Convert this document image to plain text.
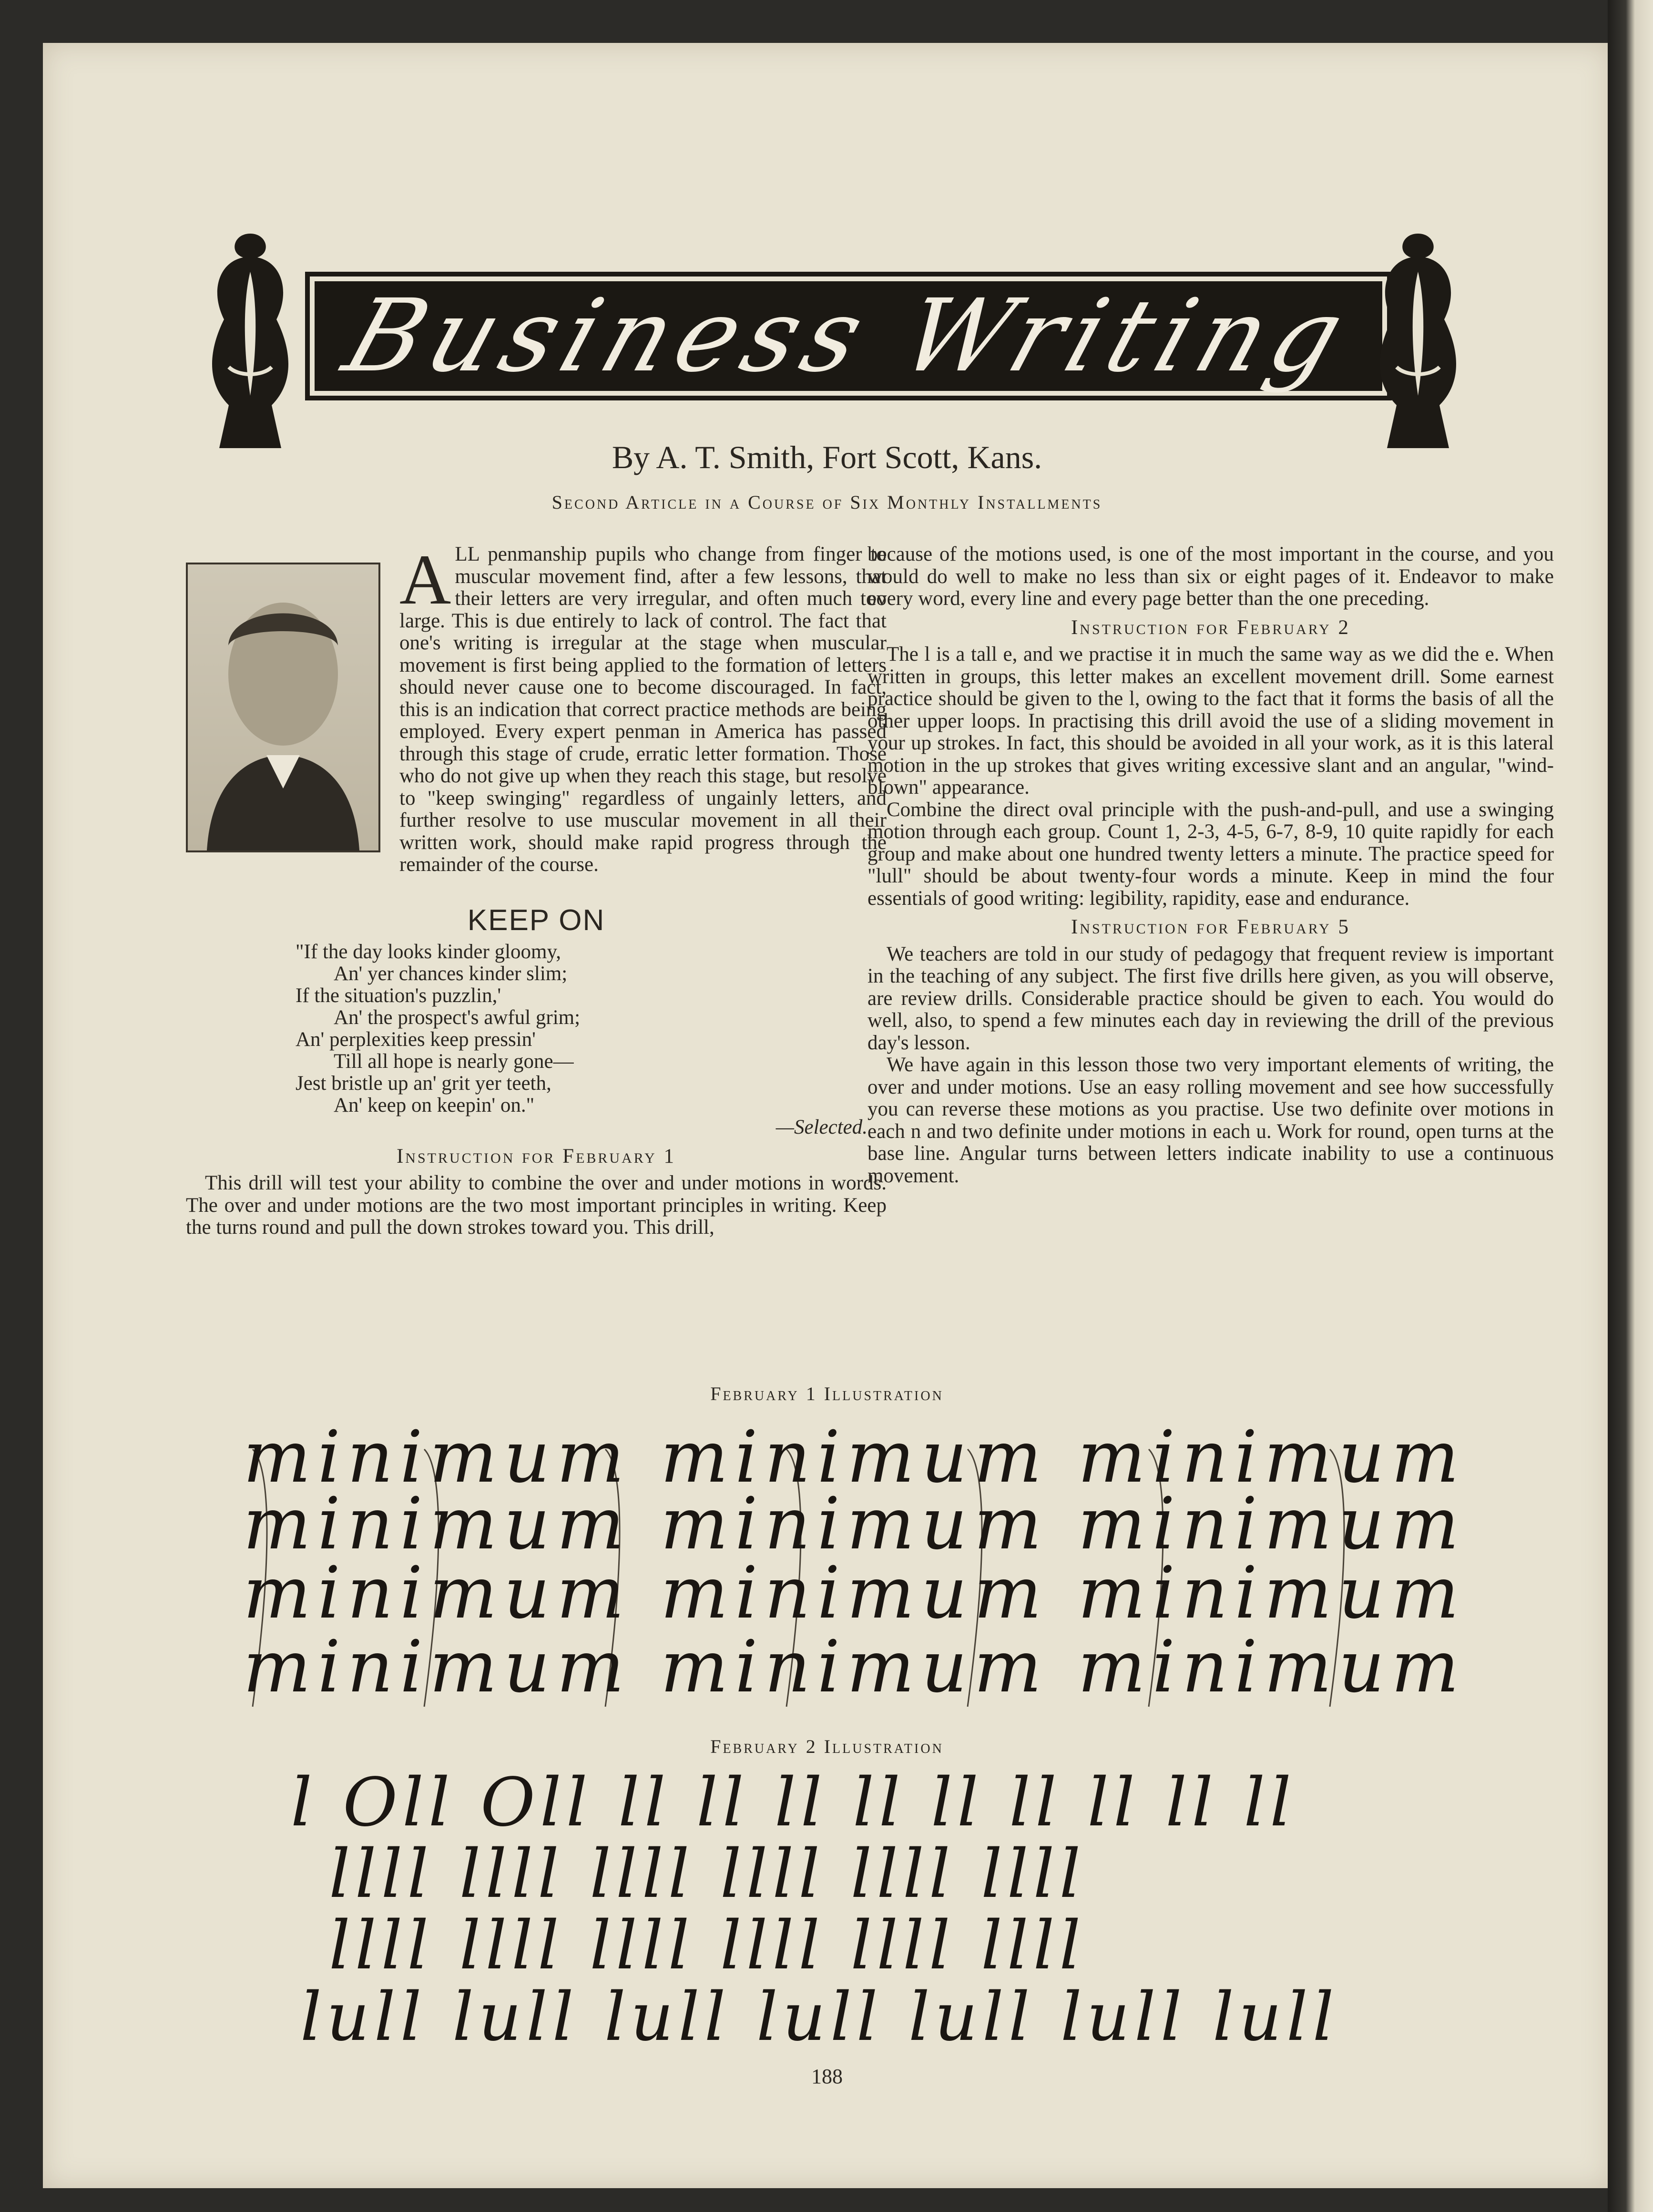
Business Writing
By A. T. Smith, Fort Scott, Kans.
Second Article in a Course of Six Monthly Installments
A LL penmanship pupils who change from finger to muscular movement find, after a few lessons, that their letters are very irregular, and often much too large. This is due entirely to lack of control. The fact that one's writing is irregular at the stage when muscular movement is first being applied to the formation of letters should never cause one to become discouraged. In fact, this is an indication that correct practice methods are being employed. Every expert penman in America has passed through this stage of crude, erratic letter formation. Those who do not give up when they reach this stage, but resolve to "keep swinging" regardless of ungainly letters, and further resolve to use muscular movement in all their written work, should make rapid progress through the remainder of the course.

KEEP ON
"If the day looks kinder gloomy,
An' yer chances kinder slim;
If the situation's puzzlin,'
An' the prospect's awful grim;
An' perplexities keep pressin'
Till all hope is nearly gone—
Jest bristle up an' grit yer teeth,
An' keep on keepin' on."
—Selected.
Instruction for February 1

This drill will test your ability to combine the over and under motions in words. The over and under motions are the two most important principles in writing. Keep the turns round and pull the down strokes toward you. This drill,

because of the motions used, is one of the most important in the course, and you would do well to make no less than six or eight pages of it. Endeavor to make every word, every line and every page better than the one preceding.

Instruction for February 2

The l is a tall e, and we practise it in much the same way as we did the e. When written in groups, this letter makes an excellent movement drill. Some earnest practice should be given to the l, owing to the fact that it forms the basis of all the other upper loops. In practising this drill avoid the use of a sliding movement in your up strokes. In fact, this should be avoided in all your work, as it is this lateral motion in the up strokes that gives writing excessive slant and an angular, "wind-blown" appearance.

Combine the direct oval principle with the push-and-pull, and use a swinging motion through each group. Count 1, 2-3, 4-5, 6-7, 8-9, 10 quite rapidly for each group and make about one hundred twenty letters a minute. The practice speed for "lull" should be about twenty-four words a minute. Keep in mind the four essentials of good writing: legibility, rapidity, ease and endurance.

Instruction for February 5

We teachers are told in our study of pedagogy that frequent review is important in the teaching of any subject. The first five drills here given, as you will observe, are review drills. Considerable practice should be given to each. You would do well, also, to spend a few minutes each day in reviewing the drill of the previous day's lesson.

We have again in this lesson those two very important elements of writing, the over and under motions. Use an easy rolling movement and see how successfully you can reverse these motions as you practise. Use two definite over motions in each n and two definite under motions in each u. Work for round, open turns at the base line. Angular turns between letters indicate inability to use a continuous movement.

February 1 Illustration
minimum minimum minimum
minimum minimum minimum
minimum minimum minimum
minimum minimum minimum
February 2 Illustration
l Oll Oll ll ll ll ll ll ll ll ll ll
llll llll llll llll llll llll
llll llll llll llll llll llll
lull lull lull lull lull lull lull
188
